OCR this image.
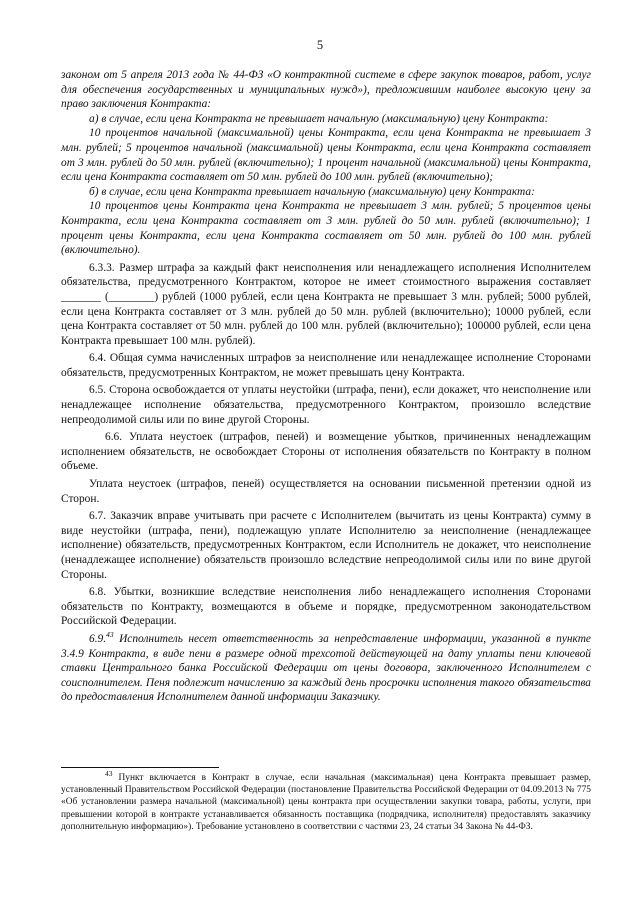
5

законом от 5 апреля 2013 года № 44-ФЗ «О контрактной системе в сфере закупок товаров, работ, услуг для обеспечения государственных и муниципальных нужд»), предложившим наиболее высокую цену за право заключения Контракта:

а) в случае, если цена Контракта не превышает начальную (максимальную) цену Контракта:

10 процентов начальной (максимальной) цены Контракта, если цена Контракта не превышает 3 млн. рублей; 5 процентов начальной (максимальной) цены Контракта, если цена Контракта составляет от 3 млн. рублей до 50 млн. рублей (включительно); 1 процент начальной (максимальной) цены Контракта, если цена Контракта составляет от 50 млн. рублей до 100 млн. рублей (включительно);

б) в случае, если цена Контракта превышает начальную (максимальную) цену Контракта:

10 процентов цены Контракта цена Контракта не превышает 3 млн. рублей; 5 процентов цены Контракта, если цена Контракта составляет от 3 млн. рублей до 50 млн. рублей (включительно); 1 процент цены Контракта, если цена Контракта составляет от 50 млн. рублей до 100 млн. рублей (включительно).

6.3.3. Размер штрафа за каждый факт неисполнения или ненадлежащего исполнения Исполнителем обязательства, предусмотренного Контрактом, которое не имеет стоимостного выражения составляет _______ (________) рублей (1000 рублей, если цена Контракта не превышает 3 млн. рублей; 5000 рублей, если цена Контракта составляет от 3 млн. рублей до 50 млн. рублей (включительно); 10000 рублей, если цена Контракта составляет от 50 млн. рублей до 100 млн. рублей (включительно); 100000 рублей, если цена Контракта превышает 100 млн. рублей).

6.4. Общая сумма начисленных штрафов за неисполнение или ненадлежащее исполнение Сторонами обязательств, предусмотренных Контрактом, не может превышать цену Контракта.

6.5. Сторона освобождается от уплаты неустойки (штрафа, пени), если докажет, что неисполнение или ненадлежащее исполнение обязательства, предусмотренного Контрактом, произошло вследствие непреодолимой силы или по вине другой Стороны.

6.6. Уплата неустоек (штрафов, пеней) и возмещение убытков, причиненных ненадлежащим исполнением обязательств, не освобождает Стороны от исполнения обязательств по Контракту в полном объеме.

Уплата неустоек (штрафов, пеней) осуществляется на основании письменной претензии одной из Сторон.

6.7. Заказчик вправе учитывать при расчете с Исполнителем (вычитать из цены Контракта) сумму в виде неустойки (штрафа, пени), подлежащую уплате Исполнителю за неисполнение (ненадлежащее исполнение) обязательств, предусмотренных Контрактом, если Исполнитель не докажет, что неисполнение (ненадлежащее исполнение) обязательств произошло вследствие непреодолимой силы или по вине другой Стороны.

6.8. Убытки, возникшие вследствие неисполнения либо ненадлежащего исполнения Сторонами обязательств по Контракту, возмещаются в объеме и порядке, предусмотренном законодательством Российской Федерации.

6.9.43 Исполнитель несет ответственность за непредставление информации, указанной в пункте 3.4.9 Контракта, в виде пени в размере одной трехсотой действующей на дату уплаты пени ключевой ставки Центрального банка Российской Федерации от цены договора, заключенного Исполнителем с соисполнителем. Пеня подлежит начислению за каждый день просрочки исполнения такого обязательства до предоставления Исполнителем данной информации Заказчику.

$^{43}$ Пункт включается в Контракт в случае, если начальная (максимальная) цена Контракта превышает размер, установленный Правительством Российской Федерации (постановление Правительства Российской Федерации от 04.09.2013 № 775 «Об установлении размера начальной (максимальной) цены контракта при осуществлении закупки товара, работы, услуги, при превышении которой в контракте устанавливается обязанность поставщика (подрядчика, исполнителя) предоставлять заказчику дополнительную информацию»). Требование установлено в соответствии с частями 23, 24 статьи 34 Закона № 44-ФЗ.
